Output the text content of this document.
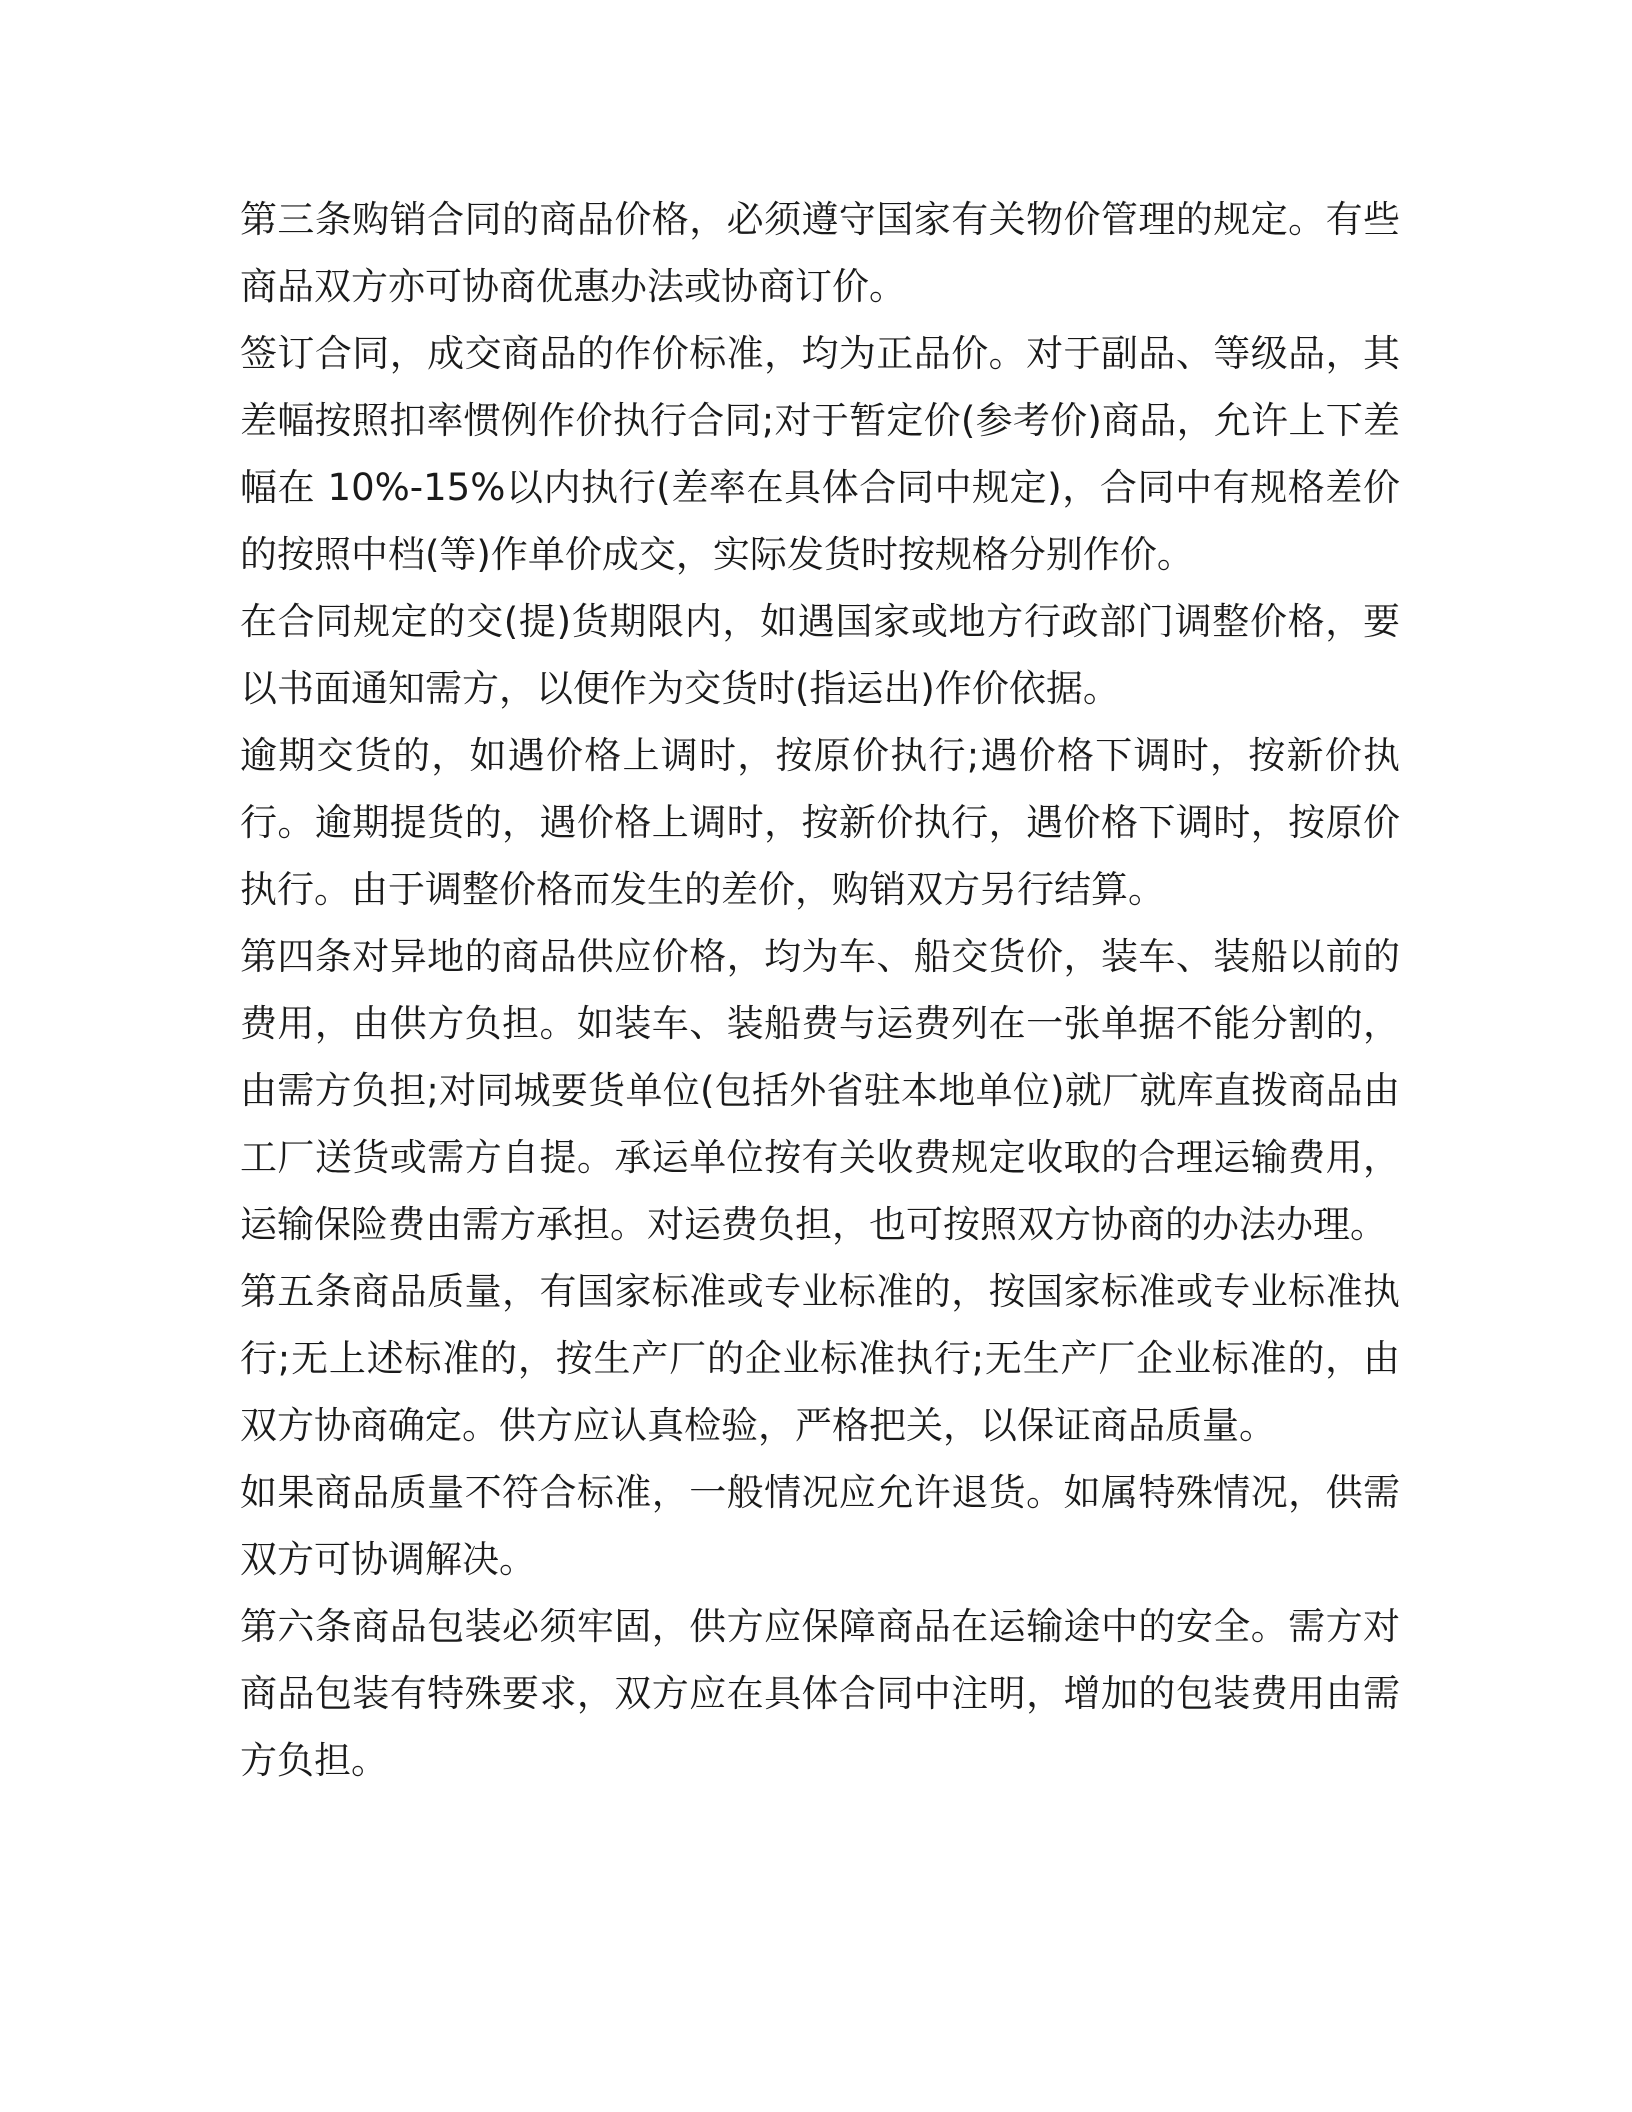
第三条购销合同的商品价格，必须遵守国家有关物价管理的规定。有些商品双方亦可协商优惠办法或协商订价。

签订合同，成交商品的作价标准，均为正品价。对于副品、等级品，其差幅按照扣率惯例作价执行合同;对于暂定价(参考价)商品，允许上下差幅在 10%-15%以内执行(差率在具体合同中规定)，合同中有规格差价的按照中档(等)作单价成交，实际发货时按规格分别作价。

在合同规定的交(提)货期限内，如遇国家或地方行政部门调整价格，要以书面通知需方，以便作为交货时(指运出)作价依据。

逾期交货的，如遇价格上调时，按原价执行;遇价格下调时，按新价执行。逾期提货的，遇价格上调时，按新价执行，遇价格下调时，按原价执行。由于调整价格而发生的差价，购销双方另行结算。

第四条对异地的商品供应价格，均为车、船交货价，装车、装船以前的费用，由供方负担。如装车、装船费与运费列在一张单据不能分割的，由需方负担;对同城要货单位(包括外省驻本地单位)就厂就库直拨商品由工厂送货或需方自提。承运单位按有关收费规定收取的合理运输费用，运输保险费由需方承担。对运费负担，也可按照双方协商的办法办理。

第五条商品质量，有国家标准或专业标准的，按国家标准或专业标准执行;无上述标准的，按生产厂的企业标准执行;无生产厂企业标准的，由双方协商确定。供方应认真检验，严格把关，以保证商品质量。

如果商品质量不符合标准，一般情况应允许退货。如属特殊情况，供需双方可协调解决。

第六条商品包装必须牢固，供方应保障商品在运输途中的安全。需方对商品包装有特殊要求，双方应在具体合同中注明，增加的包装费用由需方负担。
